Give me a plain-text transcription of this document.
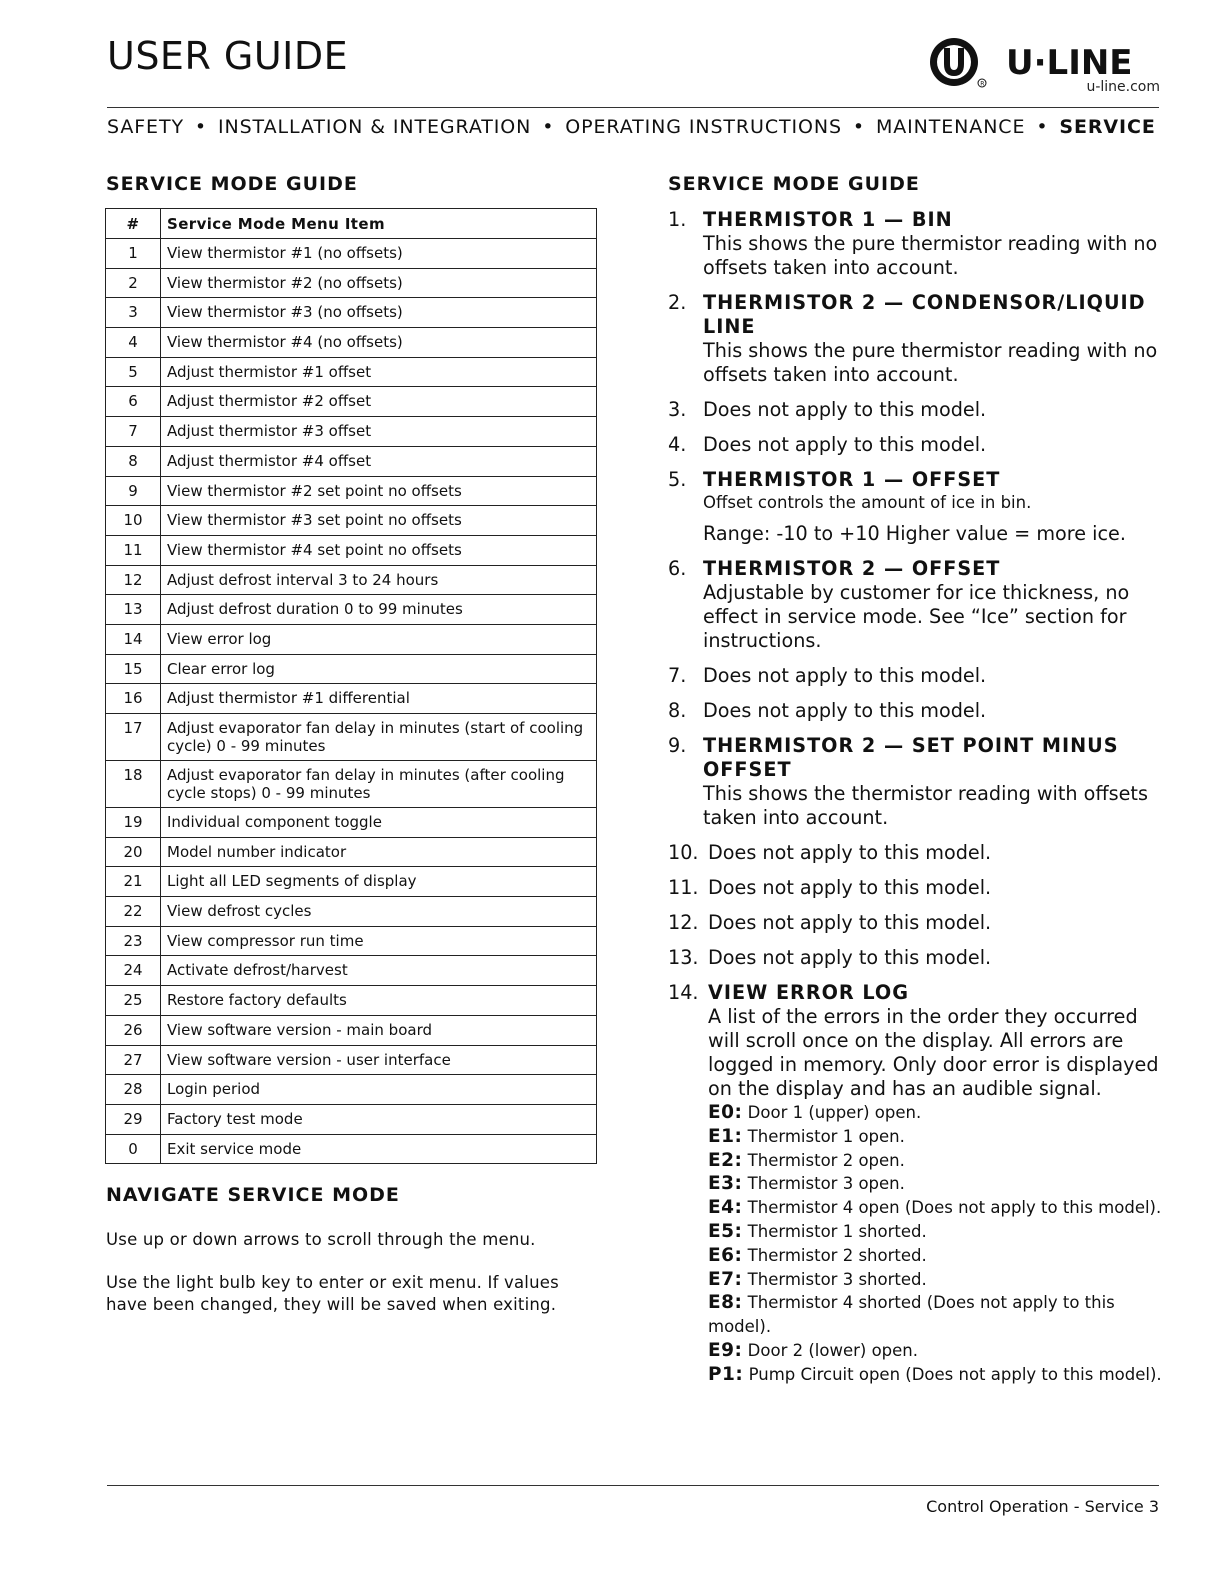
USER GUIDE
R
U·LINE
u-line.com
SAFETY • INSTALLATION & INTEGRATION • OPERATING INSTRUCTIONS • MAINTENANCE • SERVICE
SERVICE MODE GUIDE
#	Service Mode Menu Item
1	View thermistor #1 (no offsets)
2	View thermistor #2 (no offsets)
3	View thermistor #3 (no offsets)
4	View thermistor #4 (no offsets)
5	Adjust thermistor #1 offset
6	Adjust thermistor #2 offset
7	Adjust thermistor #3 offset
8	Adjust thermistor #4 offset
9	View thermistor #2 set point no offsets
10	View thermistor #3 set point no offsets
11	View thermistor #4 set point no offsets
12	Adjust defrost interval 3 to 24 hours
13	Adjust defrost duration 0 to 99 minutes
14	View error log
15	Clear error log
16	Adjust thermistor #1 differential
17	Adjust evaporator fan delay in minutes (start of cooling cycle) 0 - 99 minutes
18	Adjust evaporator fan delay in minutes (after cooling cycle stops) 0 - 99 minutes
19	Individual component toggle
20	Model number indicator
21	Light all LED segments of display
22	View defrost cycles
23	View compressor run time
24	Activate defrost/harvest
25	Restore factory defaults
26	View software version - main board
27	View software version - user interface
28	Login period
29	Factory test mode
0	Exit service mode
NAVIGATE SERVICE MODE

Use up or down arrows to scroll through the menu.

Use the light bulb key to enter or exit menu. If values have been changed, they will be saved when exiting.

SERVICE MODE GUIDE
1. THERMISTOR 1 — BIN
This shows the pure thermistor reading with no offsets taken into account.
2. THERMISTOR 2 — CONDENSOR/LIQUID LINE
This shows the pure thermistor reading with no offsets taken into account.
3. Does not apply to this model.
4. Does not apply to this model.
5. THERMISTOR 1 — OFFSET
Offset controls the amount of ice in bin.
Range: -10 to +10 Higher value = more ice.
6. THERMISTOR 2 — OFFSET
Adjustable by customer for ice thickness, no effect in service mode. See “Ice” section for instructions.
7. Does not apply to this model.
8. Does not apply to this model.
9. THERMISTOR 2 — SET POINT MINUS OFFSET
This shows the thermistor reading with offsets taken into account.
10. Does not apply to this model.
11. Does not apply to this model.
12. Does not apply to this model.
13. Does not apply to this model.
14. VIEW ERROR LOG
A list of the errors in the order they occurred will scroll once on the display. All errors are logged in memory. Only door error is displayed on the display and has an audible signal.
E0: Door 1 (upper) open.
E1: Thermistor 1 open.
E2: Thermistor 2 open.
E3: Thermistor 3 open.
E4: Thermistor 4 open (Does not apply to this model).
E5: Thermistor 1 shorted.
E6: Thermistor 2 shorted.
E7: Thermistor 3 shorted.
E8: Thermistor 4 shorted (Does not apply to this model).
E9: Door 2 (lower) open.
P1: Pump Circuit open (Does not apply to this model).
Control Operation - Service 3
